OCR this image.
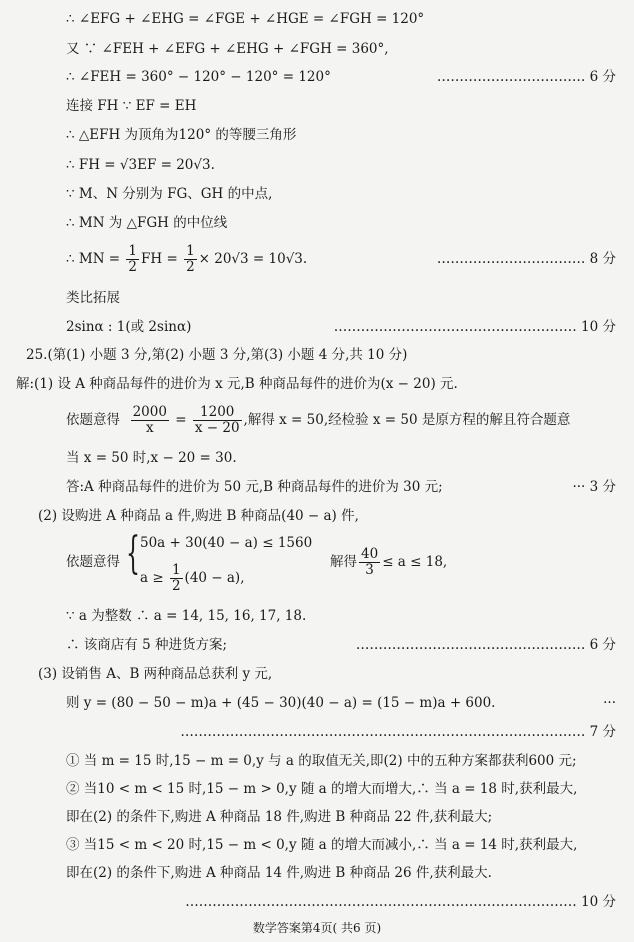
∴ ∠EFG + ∠EHG = ∠FGE + ∠HGE = ∠FGH = 120°
又 ∵ ∠FEH + ∠EFG + ∠EHG + ∠FGH = 360°,
∴ ∠FEH = 360° − 120° − 120° = 120°	…………………………… 6 分
连接 FH ∵ EF = EH
∴ △EFH 为顶角为120° 的等腰三角形
∴ FH = √3EF = 20√3.
∵ M、N 分别为 FG、GH 的中点,
∴ MN 为 △FGH 的中位线
∴ MN = $\frac{1}{2}$ FH = $\frac{1}{2} \times 20√3 = 10√3$.	…………………………… 8 分
类比拓展
2sinα : 1(或 2sinα)	……………………………………………… 10 分
25.(第(1) 小题 3 分,第(2) 小题 3 分,第(3) 小题 4 分,共 10 分)
解:(1) 设 A 种商品每件的进价为 x 元,B 种商品每件的进价为(x − 20) 元.
依题意得 $\frac{2000}{x} = \frac{1200}{x - 20}$ ,解得 x = 50,经检验 x = 50 是原方程的解且符合题意
当 x = 50 时,x − 20 = 30.
答:A 种商品每件的进价为 50 元,B 种商品每件的进价为 30 元;	··· 3 分
(2) 设购进 A 种商品 a 件,购进 B 种商品(40 − a) 件,
依题意得 { 50a + 30(40 − a) ≤ 1560
$a \ge \frac{1}{2} (40 - a)$,
解得 $\frac{40}{3} \le a \le 18$,
∵ a 为整数 ∴ a = 14, 15, 16, 17, 18.
∴ 该商店有 5 种进货方案;	…………………………………………… 6 分
(3) 设销售 A、B 两种商品总获利 y 元,
则 y = (80 − 50 − m)a + (45 − 30)(40 − a) = (15 − m)a + 600.	···
……………………………………………………………………………… 7 分
① 当 m = 15 时,15 − m = 0,y 与 a 的取值无关,即(2) 中的五种方案都获利600 元;
② 当10 < m < 15 时,15 − m > 0,y 随 a 的增大而增大,∴ 当 a = 18 时,获利最大,
即在(2) 的条件下,购进 A 种商品 18 件,购进 B 种商品 22 件,获利最大;
③ 当15 < m < 20 时,15 − m < 0,y 随 a 的增大而减小,∴ 当 a = 14 时,获利最大,
即在(2) 的条件下,购进 A 种商品 14 件,购进 B 种商品 26 件,获利最大.
…………………………………………………………………………… 10 分
数学答案第4页( 共6 页)
